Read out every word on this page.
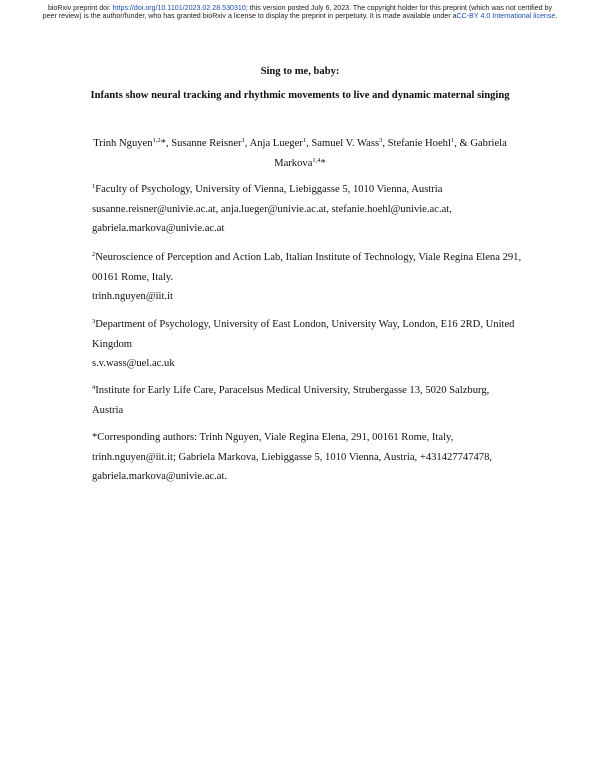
bioRxiv preprint doi: https://doi.org/10.1101/2023.02.28.530310; this version posted July 6, 2023. The copyright holder for this preprint (which was not certified by peer review) is the author/funder, who has granted bioRxiv a license to display the preprint in perpetuity. It is made available under aCC-BY 4.0 International license.
Sing to me, baby:
Infants show neural tracking and rhythmic movements to live and dynamic maternal singing
Trinh Nguyen$^{1,2}$*, Susanne Reisner$^1$, Anja Lueger$^1$, Samuel V. Wass$^3$, Stefanie Hoehl$^1$, & Gabriela Markova$^{1,4}$*
$^1$Faculty of Psychology, University of Vienna, Liebiggasse 5, 1010 Vienna, Austria
susanne.reisner@univie.ac.at, anja.lueger@univie.ac.at, stefanie.hoehl@univie.ac.at, gabriela.markova@univie.ac.at
$^2$Neuroscience of Perception and Action Lab, Italian Institute of Technology, Viale Regina Elena 291, 00161 Rome, Italy.
trinh.nguyen@iit.it
$^3$Department of Psychology, University of East London, University Way, London, E16 2RD, United Kingdom
s.v.wass@uel.ac.uk
$^4$Institute for Early Life Care, Paracelsus Medical University, Strubergasse 13, 5020 Salzburg, Austria
*Corresponding authors: Trinh Nguyen, Viale Regina Elena, 291, 00161 Rome, Italy, trinh.nguyen@iit.it; Gabriela Markova, Liebiggasse 5, 1010 Vienna, Austria, +431427747478, gabriela.markova@univie.ac.at.
